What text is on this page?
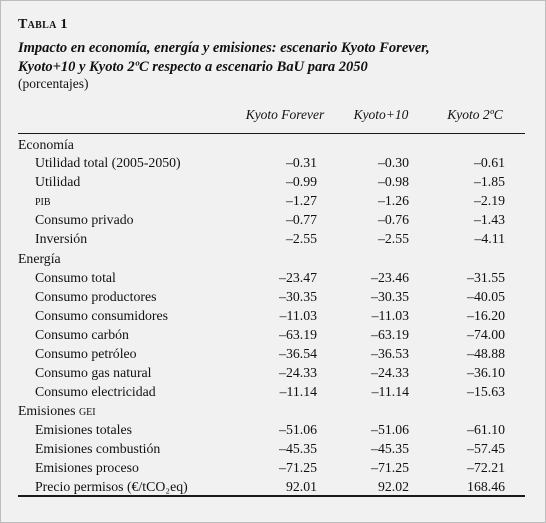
Tabla 1
Impacto en economía, energía y emisiones: escenario Kyoto Forever,
Kyoto+10 y Kyoto 2ºC respecto a escenario BaU para 2050
(porcentajes)
Kyoto Forever	Kyoto+10	Kyoto 2ºC
Economía
Utilidad total (2005-2050)	–0.31	–0.30	–0.61
Utilidad	–0.99	–0.98	–1.85
pib	–1.27	–1.26	–2.19
Consumo privado	–0.77	–0.76	–1.43
Inversión	–2.55	–2.55	–4.11
Energía
Consumo total	–23.47	–23.46	–31.55
Consumo productores	–30.35	–30.35	–40.05
Consumo consumidores	–11.03	–11.03	–16.20
Consumo carbón	–63.19	–63.19	–74.00
Consumo petróleo	–36.54	–36.53	–48.88
Consumo gas natural	–24.33	–24.33	–36.10
Consumo electricidad	–11.14	–11.14	–15.63
Emisiones gei
Emisiones totales	–51.06	–51.06	–61.10
Emisiones combustión	–45.35	–45.35	–57.45
Emisiones proceso	–71.25	–71.25	–72.21
Precio permisos (€/tCO₂eq)	92.01	92.02	168.46
